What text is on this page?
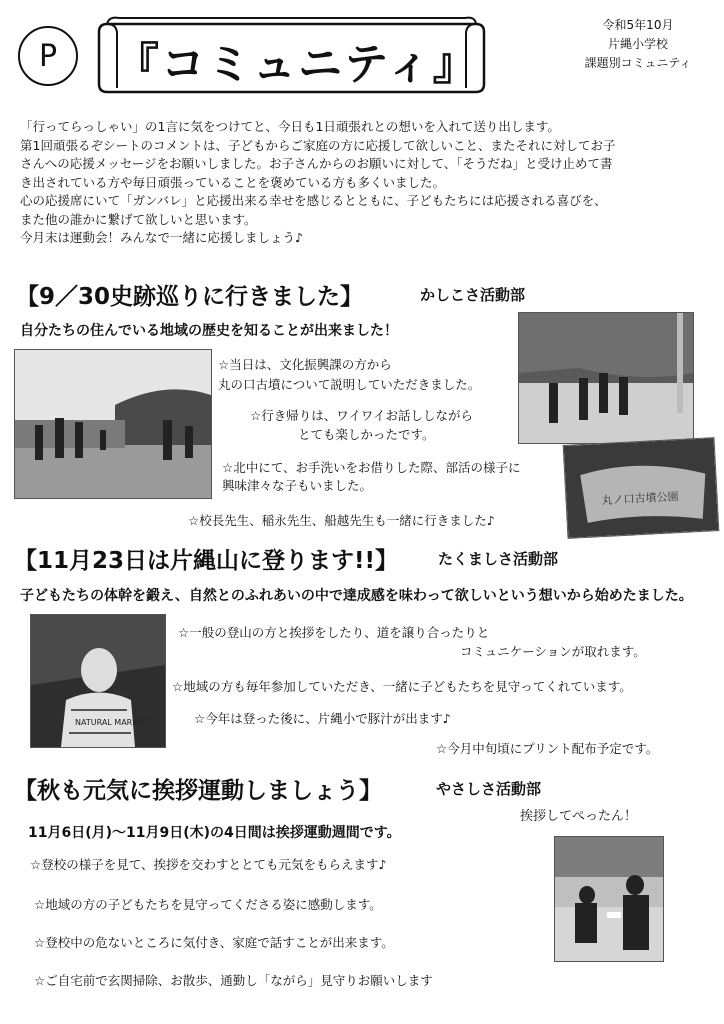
P 『コミュニティ』
令和5年10月
片縄小学校
課題別コミュニティ
「行ってらっしゃい」の1言に気をつけてと、今日も1日頑張れとの想いを入れて送り出します。
第1回頑張るぞシートのコメントは、子どもからご家庭の方に応援して欲しいこと、またそれに対してお子
さんへの応援メッセージをお願いしました。お子さんからのお願いに対して、「そうだね」と受け止めて書
き出されている方や毎日頑張っていることを褒めている方も多くいました。
心の応援席にいて「ガンバレ」と応援出来る幸せを感じるとともに、子どもたちには応援される喜びを、
また他の誰かに繋げて欲しいと思います。
今月末は運動会！みんなで一緒に応援しましょう♪
【9／30史跡巡りに行きました】	かしこさ活動部
自分たちの住んでいる地域の歴史を知ることが出来ました！
☆当日は、文化振興課の方から
丸の口古墳について説明していただきました。
☆行き帰りは、ワイワイお話ししながら
とても楽しかったです。
☆北中にて、お手洗いをお借りした際、部活の様子に
興味津々な子もいました。
☆校長先生、稲永先生、船越先生も一緒に行きました♪
丸ノ口古墳公園
【11月23日は片縄山に登ります!!】	たくましさ活動部
子どもたちの体幹を鍛え、自然とのふれあいの中で達成感を味わって欲しいという想いから始めたました。
NATURAL MARINE
☆一般の登山の方と挨拶をしたり、道を譲り合ったりと
コミュニケーションが取れます。
☆地域の方も毎年参加していただき、一緒に子どもたちを見守ってくれています。
☆今年は登った後に、片縄小で豚汁が出ます♪
☆今月中旬頃にプリント配布予定です。
【秋も元気に挨拶運動しましょう】	やさしさ活動部
11月6日(月)～11月9日(木)の4日間は挨拶運動週間です。
挨拶してぺったん！
☆登校の様子を見て、挨拶を交わすととても元気をもらえます♪
☆地域の方の子どもたちを見守ってくださる姿に感動します。
☆登校中の危ないところに気付き、家庭で話すことが出来ます。
☆ご自宅前で玄関掃除、お散歩、通勤し「ながら」見守りお願いします
